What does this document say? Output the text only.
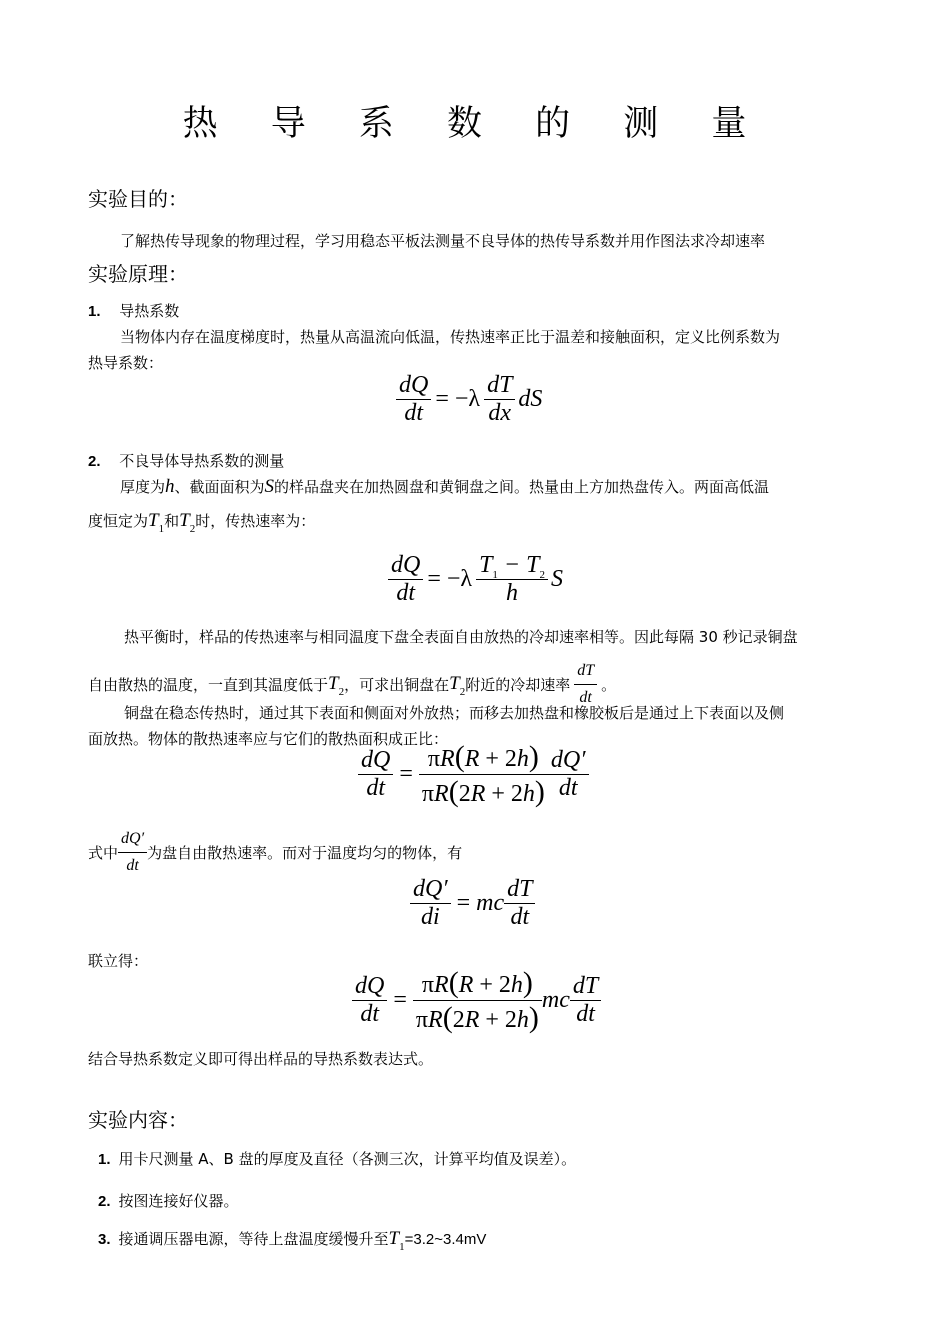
热 导 系 数 的 测 量
实验目的：
了解热传导现象的物理过程，学习用稳态平板法测量不良导体的热传导系数并用作图法求冷却速率
实验原理：
1. 导热系数
当物体内存在温度梯度时，热量从高温流向低温，传热速率正比于温差和接触面积，定义比例系数为
热导系数：
$\frac{dQ}{dt} = -\lambda \frac{dT}{dx}$ dS
2. 不良导体导热系数的测量
厚度为h、截面面积为S的样品盘夹在加热圆盘和黄铜盘之间。热量由上方加热盘传入。两面高低温
度恒定为$T_1$和$T_2$时，传热速率为：
$\frac{dQ}{dt} = -\lambda \frac{T_1 - T_2}{h}$ S
热平衡时，样品的传热速率与相同温度下盘全表面自由放热的冷却速率相等。因此每隔 30 秒记录铜盘
自由散热的温度，一直到其温度低于 $T_2$ ，可求出铜盘在 $T_2$ 附近的冷却速率 $\frac{dT}{dt}$ 。
铜盘在稳态传热时，通过其下表面和侧面对外放热；而移去加热盘和橡胶板后是通过上下表面以及侧
面放热。物体的散热速率应与它们的散热面积成正比：
$\frac{dQ}{dt} = \frac{\pi R(R + 2h)}{\pi R(2R + 2h)} \frac{dQ'}{dt}$
式中 $\frac{dQ'}{dt}$ 为盘自由散热速率。而对于温度均匀的物体，有
$\frac{dQ'}{di}$ = mc $\frac{dT}{dt}$
联立得：
$\frac{dQ}{dt} = \frac{\pi R(R + 2h)}{\pi R(2R + 2h)}$ mc $\frac{dT}{dt}$
结合导热系数定义即可得出样品的导热系数表达式。
实验内容：
1. 用卡尺测量 A、B 盘的厚度及直径（各测三次，计算平均值及误差）。
2. 按图连接好仪器。
3. 接通调压器电源，等待上盘温度缓慢升至$T_1=3.2\sim 3.4mV$
